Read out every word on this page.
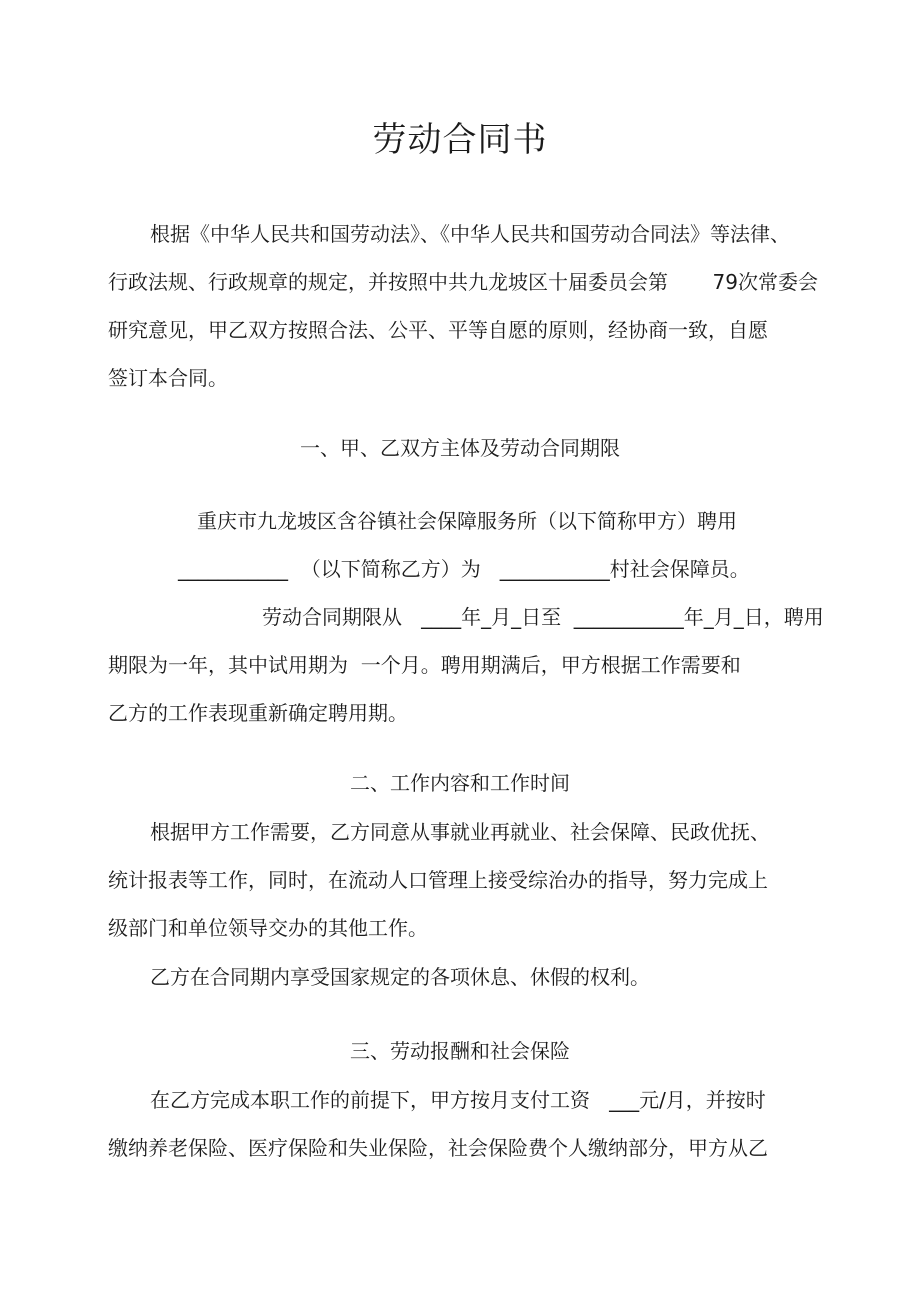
劳动合同书
根据《中华人民共和国劳动法》、《中华人民共和国劳动合同法》等法律、
行政法规、行政规章的规定，并按照中共九龙坡区十届委员会第       79次常委会
研究意见，甲乙双方按照合法、公平、平等自愿的原则，经协商一致，自愿
签订本合同。
一、甲、乙双方主体及劳动合同期限
重庆市九龙坡区含谷镇社会保障服务所（以下简称甲方）聘用
___________  （以下简称乙方）为   ___________村社会保障员。
劳动合同期限从   ____年_月_日至  ___________年_月_日，聘用
期限为一年，其中试用期为  一个月。聘用期满后，甲方根据工作需要和
乙方的工作表现重新确定聘用期。
二、工作内容和工作时间
根据甲方工作需要，乙方同意从事就业再就业、社会保障、民政优抚、
统计报表等工作，同时，在流动人口管理上接受综治办的指导，努力完成上
级部门和单位领导交办的其他工作。
乙方在合同期内享受国家规定的各项休息、休假的权利。
三、劳动报酬和社会保险
在乙方完成本职工作的前提下，甲方按月支付工资   ___元/月，并按时
缴纳养老保险、医疗保险和失业保险，社会保险费个人缴纳部分，甲方从乙
